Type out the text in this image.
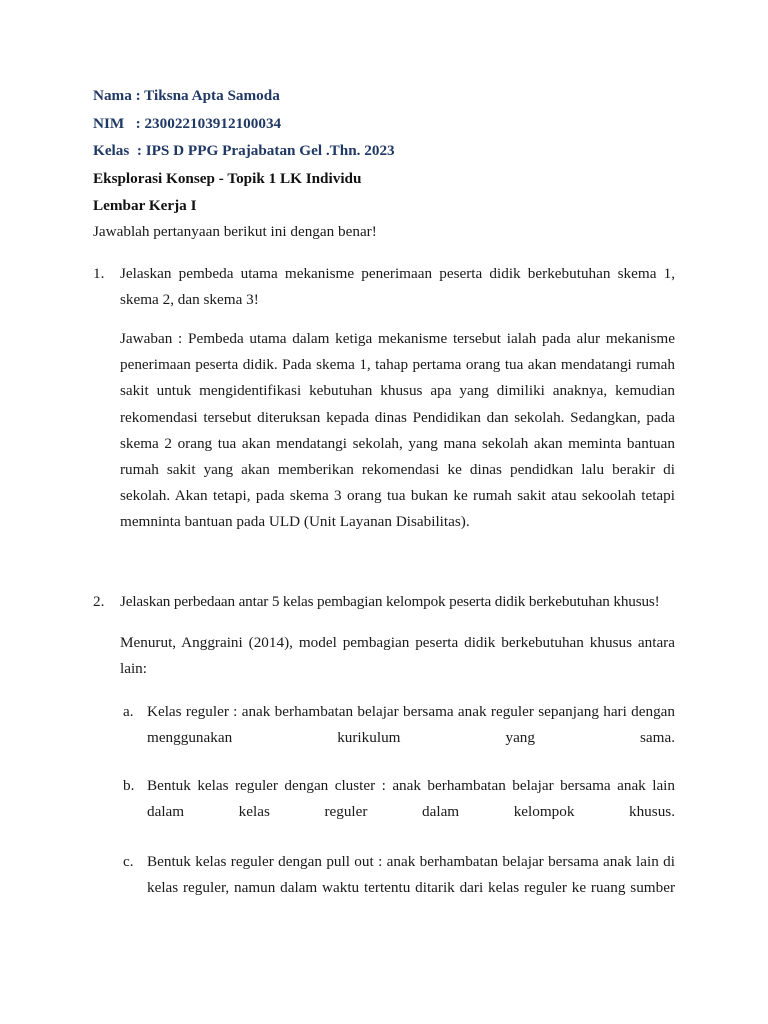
Nama : Tiksna Apta Samoda
NIM   : 230022103912100034
Kelas  : IPS D PPG Prajabatan Gel .Thn. 2023
Eksplorasi Konsep - Topik 1 LK Individu
Lembar Kerja I
Jawablah pertanyaan berikut ini dengan benar!
1. Jelaskan pembeda utama mekanisme penerimaan peserta didik berkebutuhan skema 1, skema 2, dan skema 3!

Jawaban : Pembeda utama dalam ketiga mekanisme tersebut ialah pada alur mekanisme penerimaan peserta didik. Pada skema 1, tahap pertama orang tua akan mendatangi rumah sakit untuk mengidentifikasi kebutuhan khusus apa yang dimiliki anaknya, kemudian rekomendasi tersebut diteruksan kepada dinas Pendidikan dan sekolah. Sedangkan, pada skema 2 orang tua akan mendatangi sekolah, yang mana sekolah akan meminta bantuan rumah sakit yang akan memberikan rekomendasi ke dinas pendidkan lalu berakir di sekolah. Akan tetapi, pada skema 3 orang tua bukan ke rumah sakit atau sekoolah tetapi memninta bantuan pada ULD (Unit Layanan Disabilitas).

2. Jelaskan perbedaan antar 5 kelas pembagian kelompok peserta didik berkebutuhan khusus!

Menurut, Anggraini (2014), model pembagian peserta didik berkebutuhan khusus antara lain:

a. Kelas reguler : anak berhambatan belajar bersama anak reguler sepanjang hari dengan menggunakan kurikulum yang sama.

b. Bentuk kelas reguler dengan cluster : anak berhambatan belajar bersama anak lain dalam kelas reguler dalam kelompok khusus.

c. Bentuk kelas reguler dengan pull out : anak berhambatan belajar bersama anak lain di kelas reguler, namun dalam waktu tertentu ditarik dari kelas reguler ke ruang sumber
